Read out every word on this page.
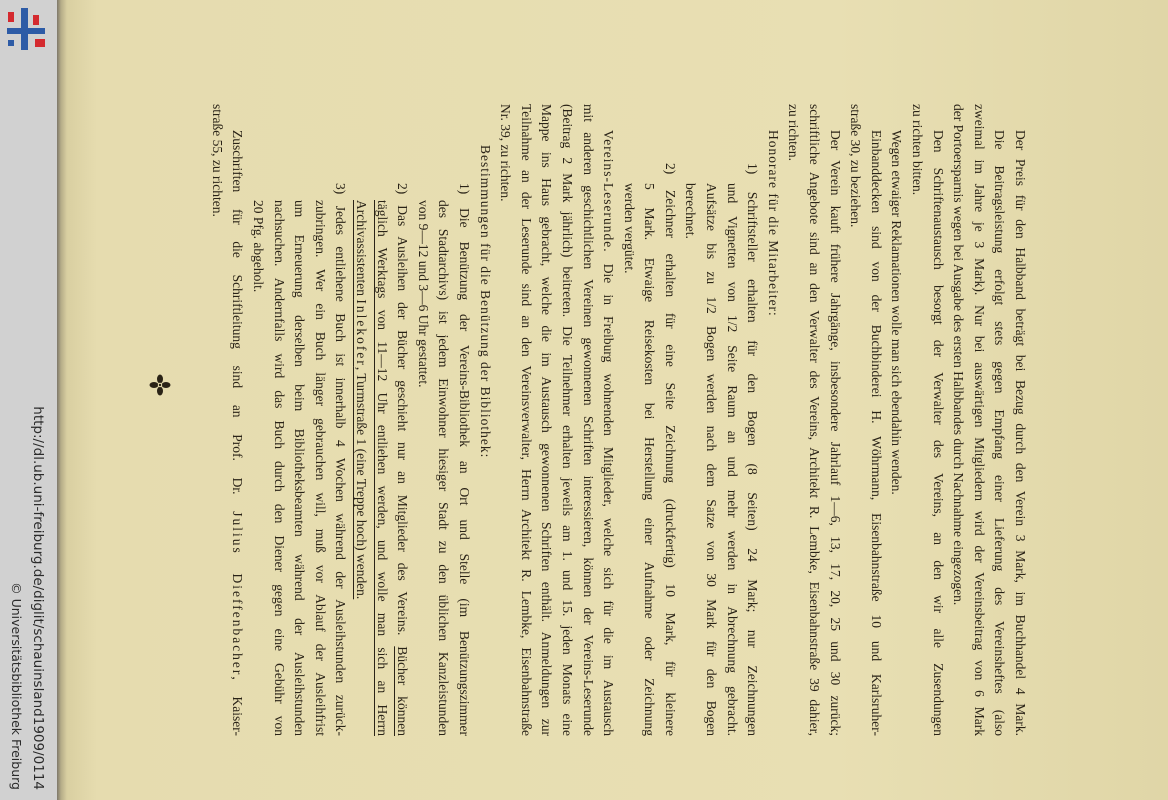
http://dl.ub.uni-freiburg.de/diglit/schauinsland1909/0114
© Universitätsbibliothek Freiburg	Der Preis für den Halbband beträgt bei Bezug durch den Verein 3 Mark, im Buchhandel 4 Mark.
Die Beitragsleistung erfolgt stets gegen Empfang einer Lieferung des Vereinsheftes (also
zweimal im Jahre je 3 Mark). Nur bei auswärtigen Mitgliedern wird der Vereinsbeitrag von 6 Mark
der Portoersparnis wegen bei Ausgabe des ersten Halbbandes durch Nachnahme eingezogen.
Den Schriftenaustausch besorgt der Verwalter des Vereins, an den wir alle Zusendungen
zu richten bitten.
Wegen etwaiger Reklamationen wolle man sich ebendahin wenden.
Einbanddecken sind von der Buchbinderei H. Wöhrmann, Eisenbahnstraße 10 und Karlsruher-
straße 30, zu beziehen.
Der Verein kauft frühere Jahrgänge, insbesondere Jahrlauf 1—6, 13, 17, 20, 25 und 30 zurück;
schriftliche Angebote sind an den Verwalter des Vereins, Architekt R. Lembke, Eisenbahnstraße 39 dahier,
zu richten.
Honorare für die Mitarbeiter:
1) Schriftsteller erhalten für den Bogen (8 Seiten) 24 Mark; nur Zeichnungen
und Vignetten von 1/2 Seite Raum an und mehr werden in Abrechnung gebracht.
Aufsätze bis zu 1/2 Bogen werden nach dem Satze von 30 Mark für den Bogen
berechnet.
2) Zeichner erhalten für eine Seite Zeichnung (druckfertig) 10 Mark, für kleinere
5 Mark. Etwaige Reisekosten bei Herstellung einer Aufnahme oder Zeichnung
werden vergütet.
Vereins-Leserunde. Die in Freiburg wohnenden Mitglieder, welche sich für die im Austausch
mit anderen geschichtlichen Vereinen gewonnenen Schriften interessieren, können der Vereins-Leserunde
(Beitrag 2 Mark jährlich) beitreten. Die Teilnehmer erhalten jeweils am 1. und 15. jeden Monats eine
Mappe ins Haus gebracht, welche die im Austausch gewonnenen Schriften enthält. Anmeldungen zur
Teilnahme an der Leserunde sind an den Vereinsverwalter, Herrn Architekt R. Lembke, Eisenbahnstraße
Nr. 39, zu richten.
Bestimmungen für die Benützung der Bibliothek:
1) Die Benützung der Vereins-Bibliothek an Ort und Stelle (im Benützungszimmer
des Stadtarchivs) ist jedem Einwohner hiesiger Stadt zu den üblichen Kanzleistunden
von 9—12 und 3—6 Uhr gestattet.
2) Das Ausleihen der Bücher geschieht nur an Mitglieder des Vereins. Bücher können
täglich Werktags von 11—12 Uhr entliehen werden, und wolle man sich an Herrn
Archivassistenten Inlekofer, Turmstraße 1 (eine Treppe hoch) wenden.
3) Jedes entliehene Buch ist innerhalb 4 Wochen während der Ausleihstunden zurück-
zubringen. Wer ein Buch länger gebrauchen will, muß vor Ablauf der Ausleihfrist
um Erneuerung derselben beim Bibliotheksbeamten während der Ausleihstunden
nachsuchen. Andernfalls wird das Buch durch den Diener gegen eine Gebühr von
20 Pfg. abgeholt.
Zuschriften für die Schriftleitung sind an Prof. Dr. Julius Dieffenbacher, Kaiser-
straße 55, zu richten.
